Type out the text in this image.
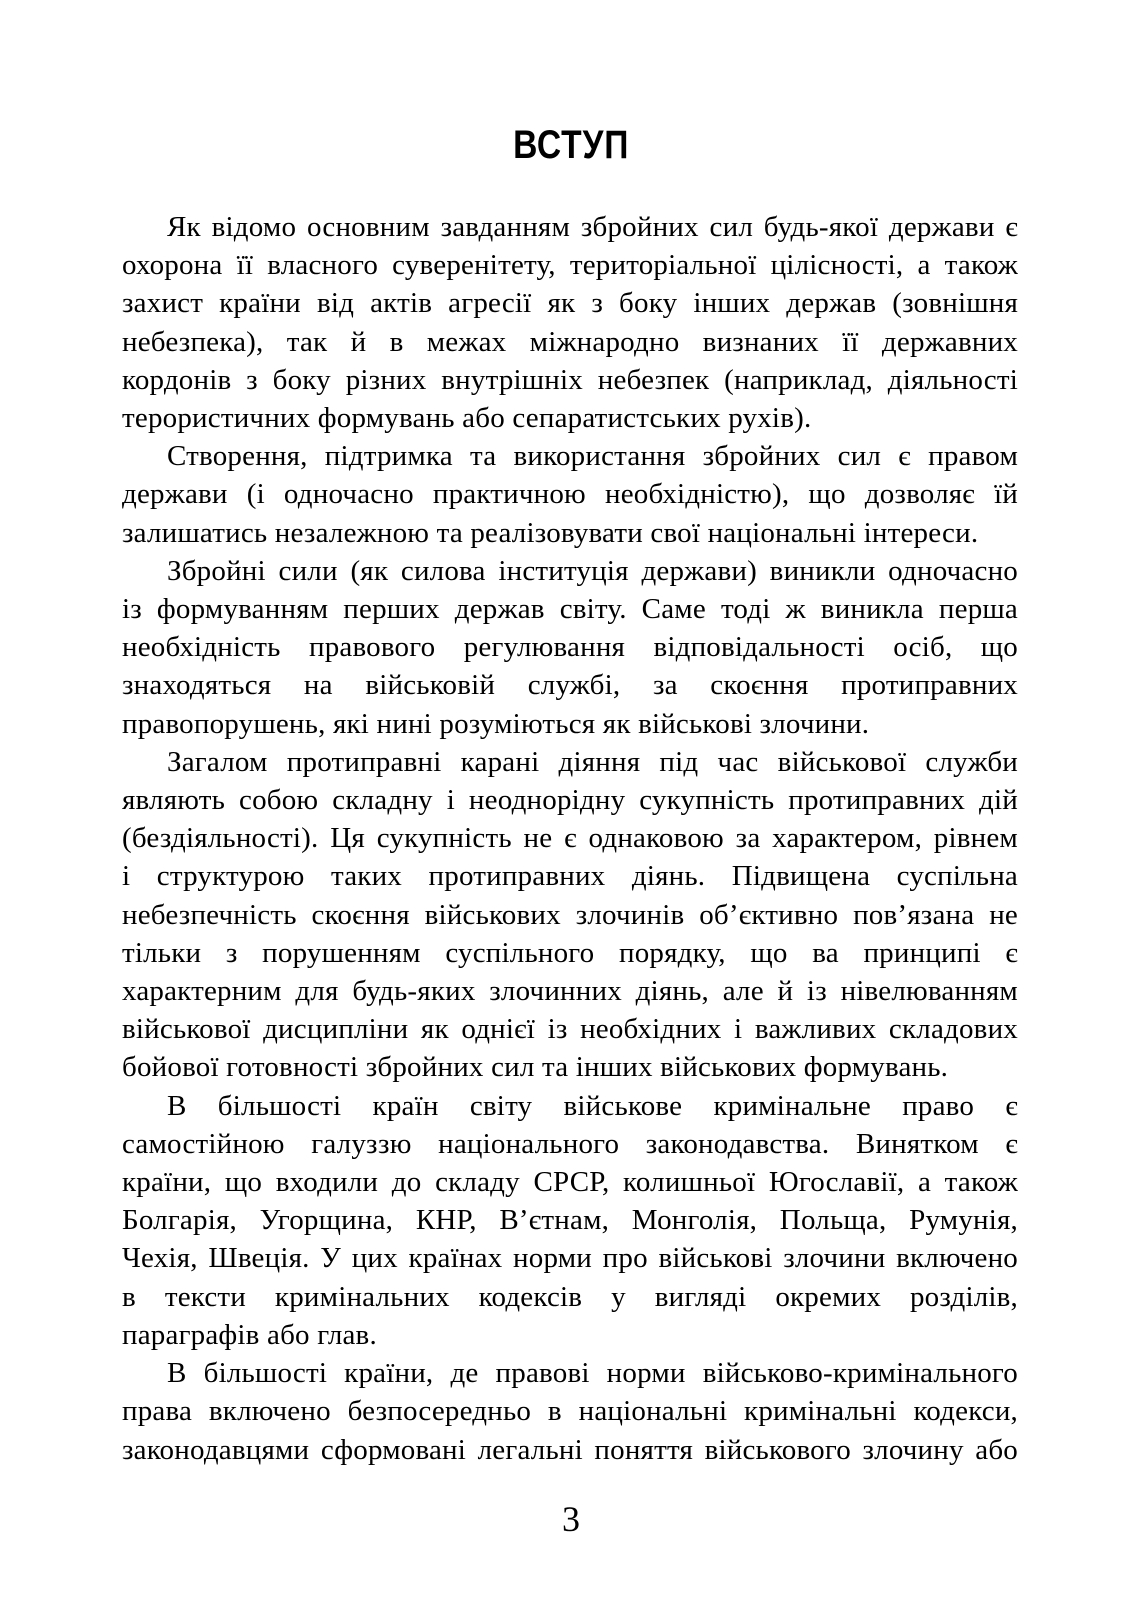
ВСТУП

Як відомо основним завданням збройних сил будь-якої держави є
охорона її власного суверенітету, територіальної цілісності, а також
захист країни від актів агресії як з боку інших держав (зовнішня
небезпека), так й в межах міжнародно визнаних її державних
кордонів з боку різних внутрішніх небезпек (наприклад, діяльності
терористичних формувань або сепаратистських рухів).

Створення, підтримка та використання збройних сил є правом
держави (і одночасно практичною необхідністю), що дозволяє їй
залишатись незалежною та реалізовувати свої національні інтереси.

Збройні сили (як силова інституція держави) виникли одночасно
із формуванням перших держав світу. Саме тоді ж виникла перша
необхідність правового регулювання відповідальності осіб, що
знаходяться на військовій службі, за скоєння протиправних
правопорушень, які нині розуміються як військові злочини.

Загалом протиправні карані діяння під час військової служби
являють собою складну і неоднорідну сукупність протиправних дій
(бездіяльності). Ця сукупність не є однаковою за характером, рівнем
і структурою таких протиправних діянь. Підвищена суспільна
небезпечність скоєння військових злочинів об’єктивно пов’язана не
тільки з порушенням суспільного порядку, що ва принципі є
характерним для будь-яких злочинних діянь, але й із нівелюванням
військової дисципліни як однієї із необхідних і важливих складових
бойової готовності збройних сил та інших військових формувань.

В більшості країн світу військове кримінальне право є
самостійною галуззю національного законодавства. Винятком є
країни, що входили до складу СРСР, колишньої Югославії, а також
Болгарія, Угорщина, КНР, В’єтнам, Монголія, Польща, Румунія,
Чехія, Швеція. У цих країнах норми про військові злочини включено
в тексти кримінальних кодексів у вигляді окремих розділів,
параграфів або глав.

В більшості країни, де правові норми військово-кримінального
права включено безпосередньо в національні кримінальні кодекси,
законодавцями сформовані легальні поняття військового злочину або

3
